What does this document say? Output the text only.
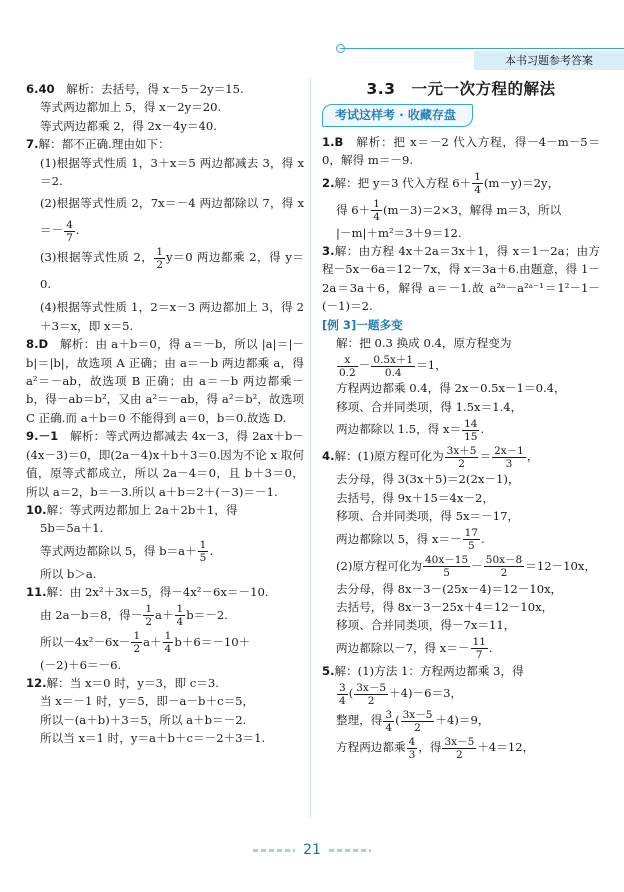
本书习题参考答案

6.40　 解析：去括号，得 x－5－2y＝15.

等式两边都加上 5，得 x－2y＝20.

等式两边都乘 2，得 2x－4y＝40.

7.解：都不正确.理由如下：

(1)根据等式性质 1，3＋x＝5 两边都减去 3，得 x＝2.

(2)根据等式性质 2，7x＝－4 两边都除以 7，得 $x=- \frac{4}{7}$ .

(3)根据等式性质 2， $\frac{1}{2} y=0$ 两边都乘 2，得 y＝0.

(4)根据等式性质 1，2＝x－3 两边都加上 3，得 2＋3＝x，即 x＝5.

8.D　 解析：由 a＋b＝0，得 a＝－b，所以 |a|＝|－b|＝|b|，故选项 A 正确；由 a＝－b 两边都乘 a，得 a²＝－ab，故选项 B 正确；由 a＝－b 两边都乘－b，得－ab＝b²，又由 a²＝－ab，得 a²＝b²，故选项 C 正确.而 a＋b＝0 不能得到 a＝0，b＝0.故选 D.

9.－1　 解析：等式两边都减去 4x－3，得 2ax＋b－(4x－3)＝0，即(2a－4)x＋b＋3＝0.因为不论 x 取何值，原等式都成立，所以 2a－4＝0，且 b＋3＝0，所以 a＝2，b＝－3.所以 a＋b＝2＋(－3)＝－1.

10.解：等式两边都加上 2a＋2b＋1，得

5b＝5a＋1.

等式两边都除以 5，得 $b=a+ \frac{1}{5}$ .

所以 b＞a.

11.解：由 2x²＋3x＝5，得－4x²－6x＝－10.

由 2a－b＝8，得－ $\frac{1}{2} a+ \frac{1}{4} b=-2$.

所以$-4x^2-6x- \frac{1}{2} a+ \frac{1}{4} b+6=-10+$

(－2)＋6＝－6.

12.解：当 x＝0 时，y＝3，即 c＝3.

当 x＝－1 时，y＝5，即－a－b＋c＝5，

所以－(a＋b)＋3＝5，所以 a＋b＝－2.

所以当 x＝1 时，y＝a＋b＋c＝－2＋3＝1.

3.3　一元一次方程的解法

考试这样考 · 收藏存盘

1.B　 解析：把 x＝－2 代入方程，得－4－m－5＝0，解得 m＝－9.

2.解：把 y＝3 代入方程 $6+ \frac{1}{4} (m-y)=2y$，

得 $6+ \frac{1}{4} (m-3)=2\times 3$，解得 m＝3，所以

|－m|＋m²＝3＋9＝12.

3.解：由方程 4x＋2a＝3x＋1，得 x＝1－2a；由方程－5x－6a＝12－7x，得 x＝3a＋6.由题意，得 1－2a＝3a＋6，解得 a＝－1.故 a²ᵃ－a²ᵃ⁻¹＝1²－1－(－1)＝2.

[例 3]一题多变

解：把 0.3 换成 0.4，原方程变为

$\frac{x}{0.2} - \frac{0.5x+1}{0.4} =1$，

方程两边都乘 0.4，得 2x－0.5x－1＝0.4，

移项、合并同类项，得 1.5x＝1.4，

两边都除以 1.5，得 $x= \frac{14}{15}$ .

4.解：(1)原方程可化为 $\frac{3x+5}{2} = \frac{2x-1}{3}$ ，

去分母，得 3(3x＋5)＝2(2x－1)，

去括号，得 9x＋15＝4x－2，

移项、合并同类项，得 5x＝－17，

两边都除以 5，得 $x=- \frac{17}{5}$ .

(2)原方程可化为 $\frac{40x-15}{5} - \frac{50x-8}{2} =12-10x$，

去分母，得 8x－3－(25x－4)＝12－10x，

去括号，得 8x－3－25x＋4＝12－10x，

移项、合并同类项，得－7x＝11，

两边都除以－7，得 $x=- \frac{11}{7}$ .

5.解：(1)方法 1：方程两边都乘 3，得

$\frac{3}{4}$ ( $\frac{3x-5}{2} +4)-6=3$，

整理，得 $\frac{3}{4}$ ( $\frac{3x-5}{2} +4)=9$，

方程两边都乘 $\frac{4}{3}$ ，得 $\frac{3x-5}{2} +4=12$，

21
